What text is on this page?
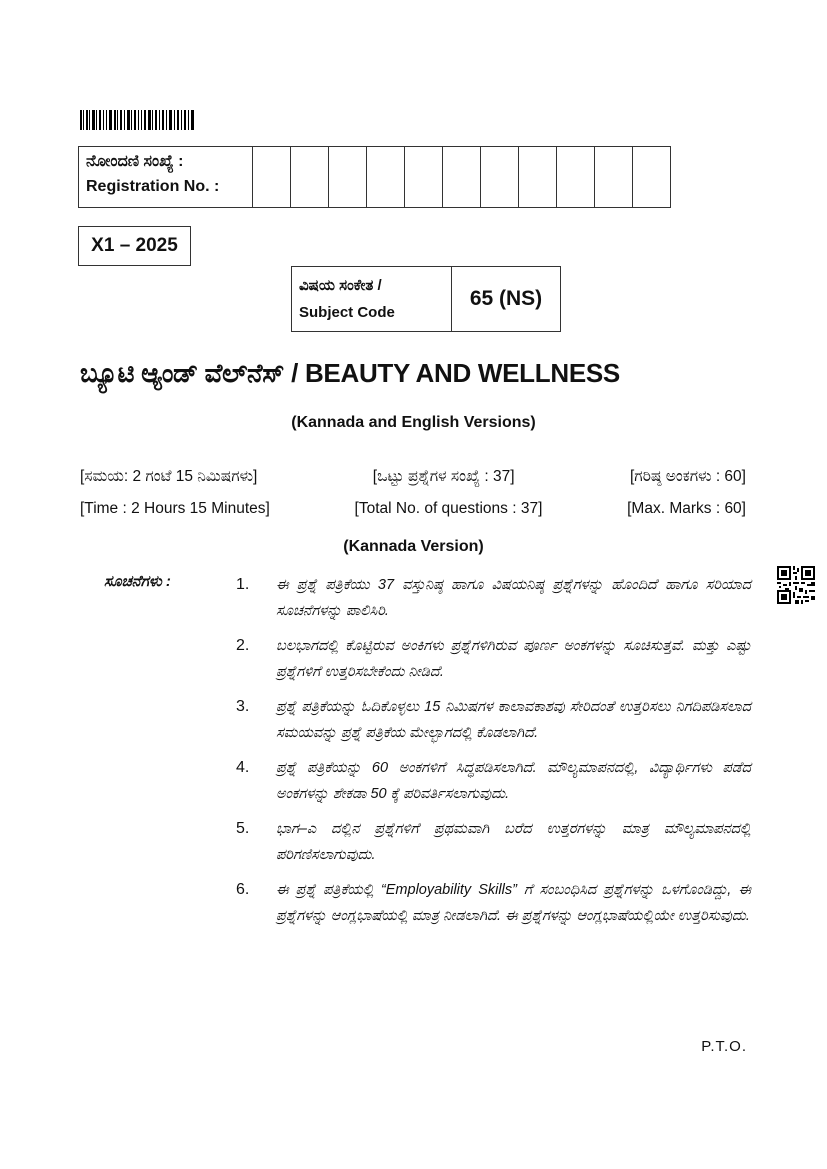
ನೋಂದಣಿ ಸಂಖ್ಯೆ :
Registration No. :

X1 – 2025
ವಿಷಯ ಸಂಕೇತ /
Subject Code
	65 (NS)
ಬ್ಯೂಟಿ ಆ್ಯಂಡ್ ವೆಲ್‌ನೆಸ್ / BEAUTY AND WELLNESS
(Kannada and English Versions)
[ಸಮಯ: 2 ಗಂಟೆ 15 ನಿಮಿಷಗಳು]	[ಒಟ್ಟು ಪ್ರಶ್ನೆಗಳ ಸಂಖ್ಯೆ : 37]	[ಗರಿಷ್ಠ ಅಂಕಗಳು : 60]
[Time : 2 Hours 15 Minutes]	[Total No. of questions : 37]	[Max. Marks : 60]
(Kannada Version)
ಸೂಚನೆಗಳು :	1.	ಈ ಪ್ರಶ್ನೆ ಪತ್ರಿಕೆಯು 37 ವಸ್ತುನಿಷ್ಠ ಹಾಗೂ ವಿಷಯನಿಷ್ಠ ಪ್ರಶ್ನೆಗಳನ್ನು ಹೊಂದಿದೆ ಹಾಗೂ ಸರಿಯಾದ ಸೂಚನೆಗಳನ್ನು ಪಾಲಿಸಿರಿ.
2.	ಬಲಭಾಗದಲ್ಲಿ ಕೊಟ್ಟಿರುವ ಅಂಕಿಗಳು ಪ್ರಶ್ನೆಗಳಿಗಿರುವ ಪೂರ್ಣ ಅಂಕಗಳನ್ನು ಸೂಚಿಸುತ್ತವೆ. ಮತ್ತು ಎಷ್ಟು ಪ್ರಶ್ನೆಗಳಿಗೆ ಉತ್ತರಿಸಬೇಕೆಂದು ನೀಡಿದೆ.
3.	ಪ್ರಶ್ನೆ ಪತ್ರಿಕೆಯನ್ನು ಓದಿಕೊಳ್ಳಲು 15 ನಿಮಿಷಗಳ ಕಾಲಾವಕಾಶವು ಸೇರಿದಂತೆ ಉತ್ತರಿಸಲು ನಿಗದಿಪಡಿಸಲಾದ ಸಮಯವನ್ನು ಪ್ರಶ್ನೆ ಪತ್ರಿಕೆಯ ಮೇಲ್ಭಾಗದಲ್ಲಿ ಕೊಡಲಾಗಿದೆ.
4.	ಪ್ರಶ್ನೆ ಪತ್ರಿಕೆಯನ್ನು 60 ಅಂಕಗಳಿಗೆ ಸಿದ್ಧಪಡಿಸಲಾಗಿದೆ. ಮೌಲ್ಯಮಾಪನದಲ್ಲಿ, ವಿದ್ಯಾರ್ಥಿಗಳು ಪಡೆದ ಅಂಕಗಳನ್ನು ಶೇಕಡಾ 50 ಕ್ಕೆ ಪರಿವರ್ತಿಸಲಾಗುವುದು.
5.	ಭಾಗ–ಎ ದಲ್ಲಿನ ಪ್ರಶ್ನೆಗಳಿಗೆ ಪ್ರಥಮವಾಗಿ ಬರೆದ ಉತ್ತರಗಳನ್ನು ಮಾತ್ರ ಮೌಲ್ಯಮಾಪನದಲ್ಲಿ ಪರಿಗಣಿಸಲಾಗುವುದು.
6.	ಈ ಪ್ರಶ್ನೆ ಪತ್ರಿಕೆಯಲ್ಲಿ “Employability Skills” ಗೆ ಸಂಬಂಧಿಸಿದ ಪ್ರಶ್ನೆಗಳನ್ನು ಒಳಗೊಂಡಿದ್ದು, ಈ ಪ್ರಶ್ನೆಗಳನ್ನು ಆಂಗ್ಲಭಾಷೆಯಲ್ಲಿ ಮಾತ್ರ ನೀಡಲಾಗಿದೆ. ಈ ಪ್ರಶ್ನೆಗಳನ್ನು ಆಂಗ್ಲಭಾಷೆಯಲ್ಲಿಯೇ ಉತ್ತರಿಸುವುದು.
P.T.O.
